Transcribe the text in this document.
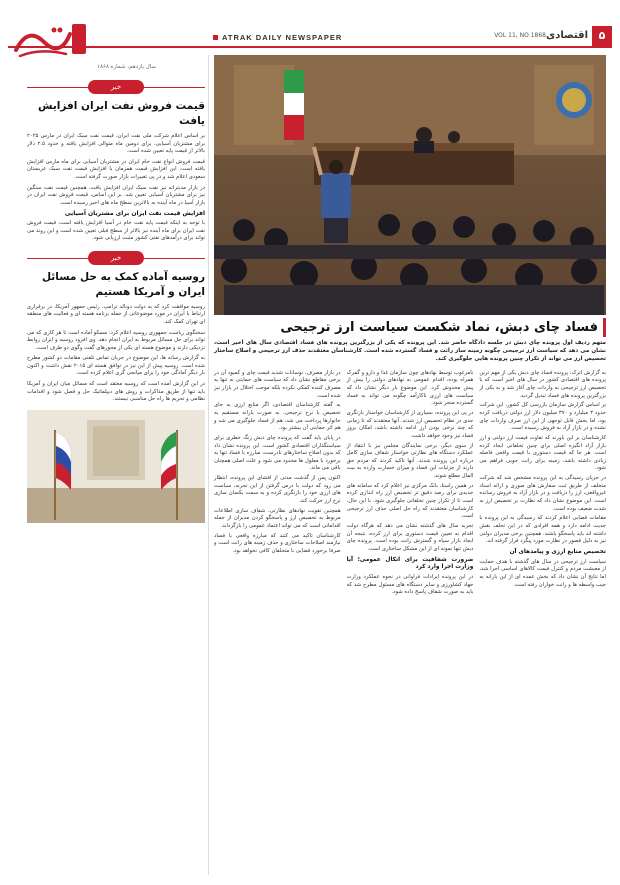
۵
اقتصادی
VOL 11, NO 1868
ATRAK DAILY NEWSPAPER
سال یازدهم، شماره ۱۸۶۸
خبر
قیمت فروش نفت ایران افزایش یافت

بر اساس اعلام شرکت ملی نفت ایران، قیمت نفت سبک ایران در مارس ۲۰۲۵ برای مشتریان آسیایی، برای دومین ماه متوالی افزایش یافته و حدود ۲.۵ دلار بالاتر از قیمت پایه تعیین شده است.

قیمت فروش انواع نفت خام ایران در مشتریان آسیایی برای ماه مارس افزایش یافته است. این افزایش قیمت همزمان با افزایش قیمت نفت سبک عربستان سعودی اعلام شد و در پی تغییرات بازار صورت گرفته است.

در بازار مدیترانه نیز نفت سبک ایران افزایش یافت. همچنین قیمت نفت سنگین نیز برای مشتریان آسیایی تعیین شد. بر این اساس، قیمت فروش نفت ایران در بازار آسیا در ماه آینده به بالاترین سطح ماه های اخیر رسیده است.

افزایش قیمت نفت ایران برای مشتریان آسیایی

با توجه به اینکه قیمت پایه نفت خام در آسیا افزایش یافته است، قیمت فروش نفت ایران برای ماه آینده نیز بالاتر از سطح قبلی تعیین شده است و این روند می تواند برای درآمدهای نفتی کشور مثبت ارزیابی شود.

خبر
روسیه آماده کمک به حل مسائل ایران و آمریکا هستیم

روسیه موافقت کرد که به دولت دونالد ترامپ، رئیس جمهور آمریکا، در برقراری ارتباط با ایران در مورد موضوعاتی از جمله برنامه هسته ای و فعالیت های منطقه ای تهران کمک کند.

سخنگوی ریاست جمهوری روسیه اعلام کرد: مسکو آماده است تا هر کاری که می تواند برای حل مسائل مربوط به ایران انجام دهد. وی افزود روسیه و ایران روابط نزدیکی دارند و موضوع هسته ای یکی از محورهای گفت وگوی دو طرف است.

به گزارش رسانه ها، این موضوع در جریان تماس تلفنی مقامات دو کشور مطرح شده است. روسیه پیش از این نیز در توافق هسته ای ۲۰۱۵ نقش داشت و اکنون بار دیگر آمادگی خود را برای میانجی گری اعلام کرده است.

در این گزارش آمده است که روسیه معتقد است که مسائل میان ایران و آمریکا باید تنها از طریق مذاکرات و روش های دیپلماتیک حل و فصل شود و اقدامات نظامی و تحریم ها راه حل مناسبی نیستند.

فساد چای دبش، نماد شکست سیاست ارز ترجیحی
متهم ردیف اول پرونده چای دبش در جلسه دادگاه حاضر شد. این پرونده که یکی از بزرگترین پرونده های فساد اقتصادی سال های اخیر است، نشان می دهد که سیاست ارز ترجیحی چگونه زمینه ساز رانت و فساد گسترده شده است. کارشناسان معتقدند حذف ارز ترجیحی و اصلاح ساختار تخصیص ارز می تواند از تکرار چنین پرونده هایی جلوگیری کند.

به گزارش اترک، پرونده فساد چای دبش یکی از مهم ترین پرونده های اقتصادی کشور در سال های اخیر است که با تخصیص ارز ترجیحی به واردات چای آغاز شد و به یکی از بزرگترین پرونده های فساد تبدیل گردید.

بر اساس گزارش سازمان بازرسی کل کشور، این شرکت حدود ۳ میلیارد و ۳۷۰ میلیون دلار ارز دولتی دریافت کرده بود، اما بخش قابل توجهی از این ارز صرف واردات چای نشده و در بازار آزاد به فروش رسیده است.

کارشناسان بر این باورند که تفاوت قیمت ارز دولتی و ارز بازار آزاد انگیزه اصلی برای چنین تخلفاتی ایجاد کرده است. هر جا که قیمت دستوری با قیمت واقعی فاصله زیادی داشته باشد، زمینه برای رانت جویی فراهم می شود.

در جریان رسیدگی به این پرونده مشخص شد که شرکت متخلف از طریق ثبت سفارش های صوری و ارائه اسناد غیرواقعی، ارز را دریافت و در بازار آزاد به فروش رسانده است. این موضوع نشان داد که نظارت بر تخصیص ارز به شدت ضعیف بوده است.

مقامات قضایی اعلام کردند که رسیدگی به این پرونده با جدیت ادامه دارد و همه افرادی که در این تخلف نقش داشته اند باید پاسخگو باشند. همچنین برخی مدیران دولتی نیز به دلیل قصور در نظارت مورد پیگرد قرار گرفته اند.

تخصیص منابع ارزی و پیامدهای آن

سیاست ارز ترجیحی در سال های گذشته با هدف حمایت از معیشت مردم و کنترل قیمت کالاهای اساسی اجرا شد، اما نتایج آن نشان داد که بخش عمده ای از این یارانه به جیب واسطه ها و رانت خواران رفته است.

نامرغوب توسط نهادهای چون سازمان غذا و دارو و گمرک همراه بوده، اقدام عمومی به نهادهای دولتی را بیش از پیش مخدوش کرد. این موضوع بار دیگر نشان داد که سیاست های ارزی ناکارآمد چگونه می تواند به فساد گسترده منجر شود.

در پی این پرونده، بسیاری از کارشناسان خواستار بازنگری جدی در نظام تخصیص ارز شدند. آنها معتقدند که تا زمانی که چند نرخی بودن ارز ادامه داشته باشد، امکان بروز فساد نیز وجود خواهد داشت.

از سوی دیگر، برخی نمایندگان مجلس نیز با انتقاد از عملکرد دستگاه های نظارتی خواستار شفاف سازی کامل درباره این پرونده شدند. آنها تاکید کردند که مردم حق دارند از جزئیات این فساد و میزان خسارت وارده به بیت المال مطلع شوند.

در همین راستا، بانک مرکزی نیز اعلام کرد که سامانه های جدیدی برای رصد دقیق تر تخصیص ارز راه اندازی کرده است تا از تکرار چنین تخلفاتی جلوگیری شود. با این حال، کارشناسان معتقدند که راه حل اصلی حذف ارز ترجیحی است.

تجربه سال های گذشته نشان می دهد که هرگاه دولت اقدام به تعیین قیمت دستوری برای ارز کرده، نتیجه آن ایجاد بازار سیاه و گسترش رانت بوده است. پرونده چای دبش تنها نمونه ای از این مشکل ساختاری است.

ضرورت شفافیت برای اتکال عمومی؛ آیا وزارت اجرا وارد کرد

در این پرونده ایرادات فراوانی در نحوه عملکرد وزارت جهاد کشاورزی و سایر دستگاه های مسئول مطرح شد که باید به صورت شفاف پاسخ داده شود.

در بازار مصرف، نوسانات شدید قیمت چای و کمبود آن در برخی مقاطع نشان داد که سیاست های حمایتی نه تنها به مصرف کننده کمکی نکرده بلکه موجب اختلال در بازار نیز شده است.

به گفته کارشناسان اقتصادی، اگر منابع ارزی به جای تخصیص با نرخ ترجیحی، به صورت یارانه مستقیم به خانوارها پرداخت می شد، هم از فساد جلوگیری می شد و هم اثر حمایتی آن بیشتر بود.

در پایان باید گفت که پرونده چای دبش زنگ خطری برای سیاستگذاران اقتصادی کشور است. این پرونده نشان داد که بدون اصلاح ساختارهای نادرست، مبارزه با فساد تنها به برخورد با معلول ها محدود می شود و علت اصلی همچنان باقی می ماند.

اکنون پس از گذشت مدتی از افشای این پرونده، انتظار می رود که دولت با درس گرفتن از این تجربه، سیاست های ارزی خود را بازنگری کرده و به سمت یکسان سازی نرخ ارز حرکت کند.

همچنین تقویت نهادهای نظارتی، شفاف سازی اطلاعات مربوط به تخصیص ارز و پاسخگو کردن مدیران از جمله اقداماتی است که می تواند اعتماد عمومی را بازگرداند.

کارشناسان تاکید می کنند که مبارزه واقعی با فساد نیازمند اصلاحات ساختاری و حذف زمینه های رانت است و صرفا برخورد قضایی با متخلفان کافی نخواهد بود.
